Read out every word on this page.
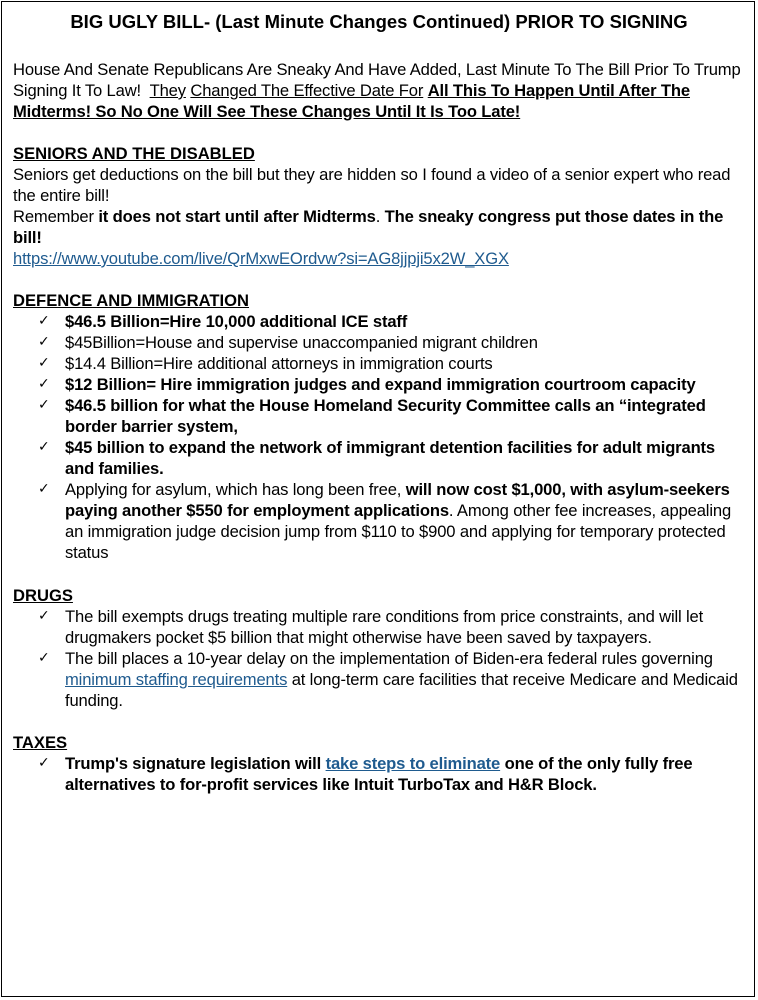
BIG UGLY BILL- (Last Minute Changes Continued) PRIOR TO SIGNING
House And Senate Republicans Are Sneaky And Have Added, Last Minute To The Bill Prior To Trump Signing It To Law! They Changed The Effective Date For All This To Happen Until After The Midterms! So No One Will See These Changes Until It Is Too Late!
SENIORS AND THE DISABLED
Seniors get deductions on the bill but they are hidden so I found a video of a senior expert who read the entire bill!
Remember it does not start until after Midterms. The sneaky congress put those dates in the bill!
https://www.youtube.com/live/QrMxwEOrdvw?si=AG8jjpji5x2W_XGX
DEFENCE AND IMMIGRATION
✓ $46.5 Billion=Hire 10,000 additional ICE staff
✓ $45Billion=House and supervise unaccompanied migrant children
✓ $14.4 Billion=Hire additional attorneys in immigration courts
✓ $12 Billion= Hire immigration judges and expand immigration courtroom capacity
✓ $46.5 billion for what the House Homeland Security Committee calls an “integrated border barrier system,
✓ $45 billion to expand the network of immigrant detention facilities for adult migrants and families.
✓ Applying for asylum, which has long been free, will now cost $1,000, with asylum-seekers paying another $550 for employment applications. Among other fee increases, appealing an immigration judge decision jump from $110 to $900 and applying for temporary protected status
DRUGS
✓ The bill exempts drugs treating multiple rare conditions from price constraints, and will let drugmakers pocket $5 billion that might otherwise have been saved by taxpayers.
✓ The bill places a 10-year delay on the implementation of Biden-era federal rules governing minimum staffing requirements at long-term care facilities that receive Medicare and Medicaid funding.
TAXES
✓ Trump's signature legislation will take steps to eliminate one of the only fully free alternatives to for-profit services like Intuit TurboTax and H&R Block.
